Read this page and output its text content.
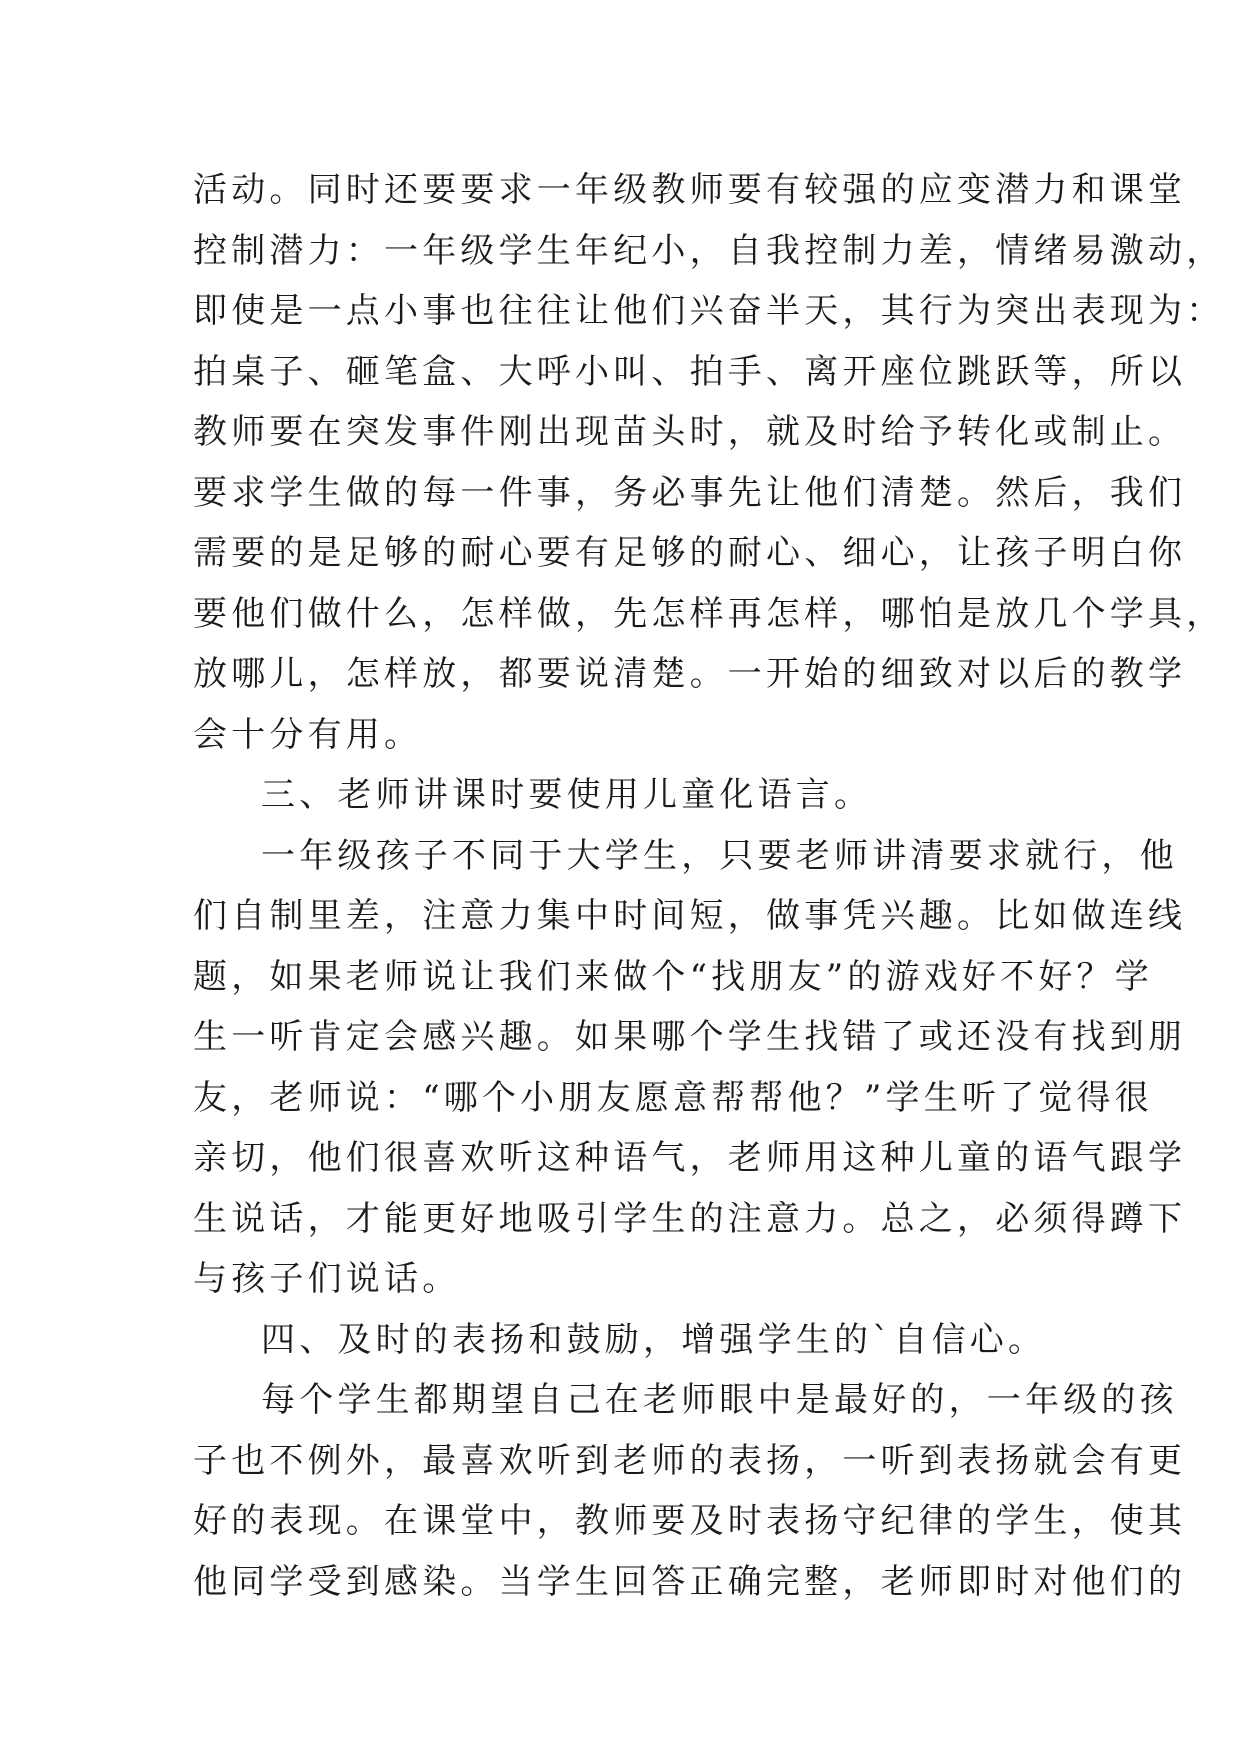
活动。同时还要要求一年级教师要有较强的应变潜力和课堂
控制潜力：一年级学生年纪小，自我控制力差，情绪易激动，
即使是一点小事也往往让他们兴奋半天，其行为突出表现为：
拍桌子、砸笔盒、大呼小叫、拍手、离开座位跳跃等，所以
教师要在突发事件刚出现苗头时，就及时给予转化或制止。
要求学生做的每一件事，务必事先让他们清楚。然后，我们
需要的是足够的耐心要有足够的耐心、细心，让孩子明白你
要他们做什么，怎样做，先怎样再怎样，哪怕是放几个学具，
放哪儿，怎样放，都要说清楚。一开始的细致对以后的教学
会十分有用。
三、老师讲课时要使用儿童化语言。
一年级孩子不同于大学生，只要老师讲清要求就行，他
们自制里差，注意力集中时间短，做事凭兴趣。比如做连线
题，如果老师说让我们来做个“找朋友”的游戏好不好？学
生一听肯定会感兴趣。如果哪个学生找错了或还没有找到朋
友，老师说：“哪个小朋友愿意帮帮他？”学生听了觉得很
亲切，他们很喜欢听这种语气，老师用这种儿童的语气跟学
生说话，才能更好地吸引学生的注意力。总之，必须得蹲下
与孩子们说话。
四、及时的表扬和鼓励，增强学生的`自信心。
每个学生都期望自己在老师眼中是最好的，一年级的孩
子也不例外，最喜欢听到老师的表扬，一听到表扬就会有更
好的表现。在课堂中，教师要及时表扬守纪律的学生，使其
他同学受到感染。当学生回答正确完整，老师即时对他们的
